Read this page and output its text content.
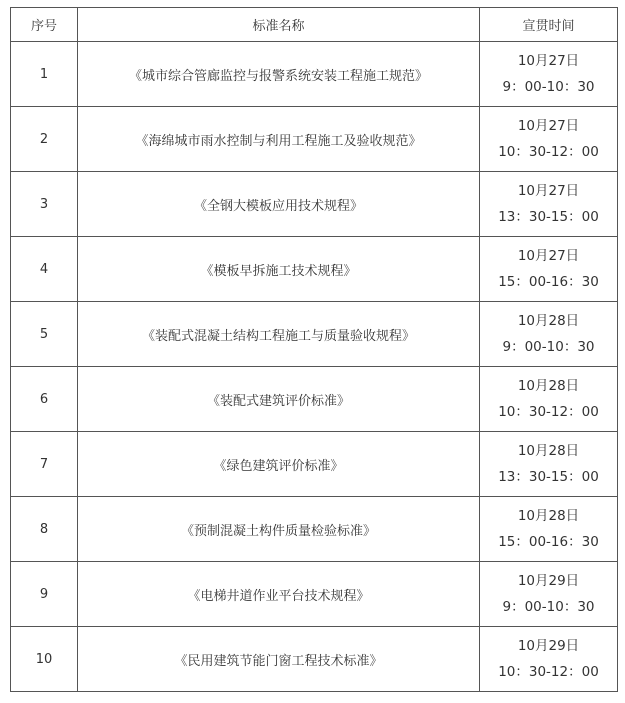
序号	标准名称	宣贯时间
1	《城市综合管廊监控与报警系统安装工程施工规范》	10月27日
9：00-10：30

2	《海绵城市雨水控制与利用工程施工及验收规范》	10月27日
10：30-12：00

3	《全钢大模板应用技术规程》	10月27日
13：30-15：00

4	《模板早拆施工技术规程》	10月27日
15：00-16：30

5	《装配式混凝土结构工程施工与质量验收规程》	10月28日
9：00-10：30

6	《装配式建筑评价标准》	10月28日
10：30-12：00

7	《绿色建筑评价标准》	10月28日
13：30-15：00

8	《预制混凝土构件质量检验标准》	10月28日
15：00-16：30

9	《电梯井道作业平台技术规程》	10月29日
9：00-10：30

10	《民用建筑节能门窗工程技术标准》	10月29日
10：30-12：00
